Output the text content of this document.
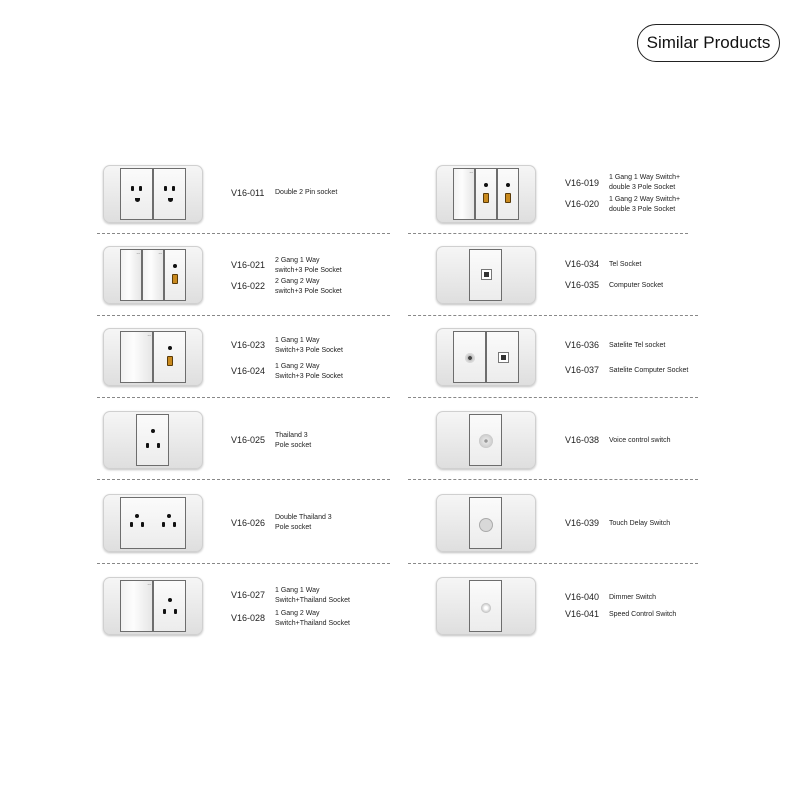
Similar Products
V16-011 Double 2 Pin socket
· · ·
· · ·
V16-021 2 Gang 1 Way
switch+3 Pole Socket
V16-022 2 Gang 2 Way
switch+3 Pole Socket
· · ·
V16-023 1 Gang 1 Way
Switch+3 Pole Socket
V16-024 1 Gang 2 Way
Switch+3 Pole Socket
V16-025 Thailand 3
Pole socket
V16-026
Double Thailand 3
Pole socket
· · ·
V16-027 1 Gang 1 Way
Switch+Thailand Socket
V16-028 1 Gang 2 Way
Switch+Thailand Socket
· · ·
V16-019
1 Gang 1 Way Switch+
double 3 Pole Socket
V16-020 1 Gang 2 Way Switch+
double 3 Pole Socket
V16-034 Tel Socket
V16-035 Computer Socket
V16-036 Satelite Tel socket
V16-037 Satelite Computer Socket
V16-038 Voice control switch
V16-039 Touch Delay Switch
V16-040 Dimmer Switch
V16-041 Speed Control Switch
